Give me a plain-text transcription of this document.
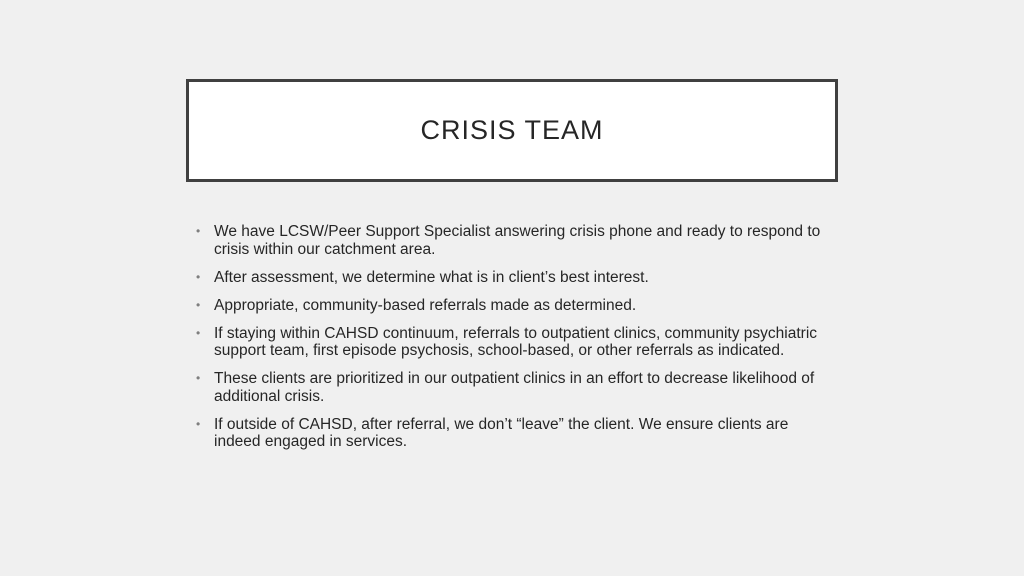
CRISIS TEAM
• We have LCSW/Peer Support Specialist answering crisis phone and ready to respond to crisis within our catchment area.
• After assessment, we determine what is in client’s best interest.
• Appropriate, community-based referrals made as determined.
• If staying within CAHSD continuum, referrals to outpatient clinics, community psychiatric support team, first episode psychosis, school-based, or other referrals as indicated.
• These clients are prioritized in our outpatient clinics in an effort to decrease likelihood of additional crisis.
• If outside of CAHSD, after referral, we don’t “leave” the client. We ensure clients are indeed engaged in services.
